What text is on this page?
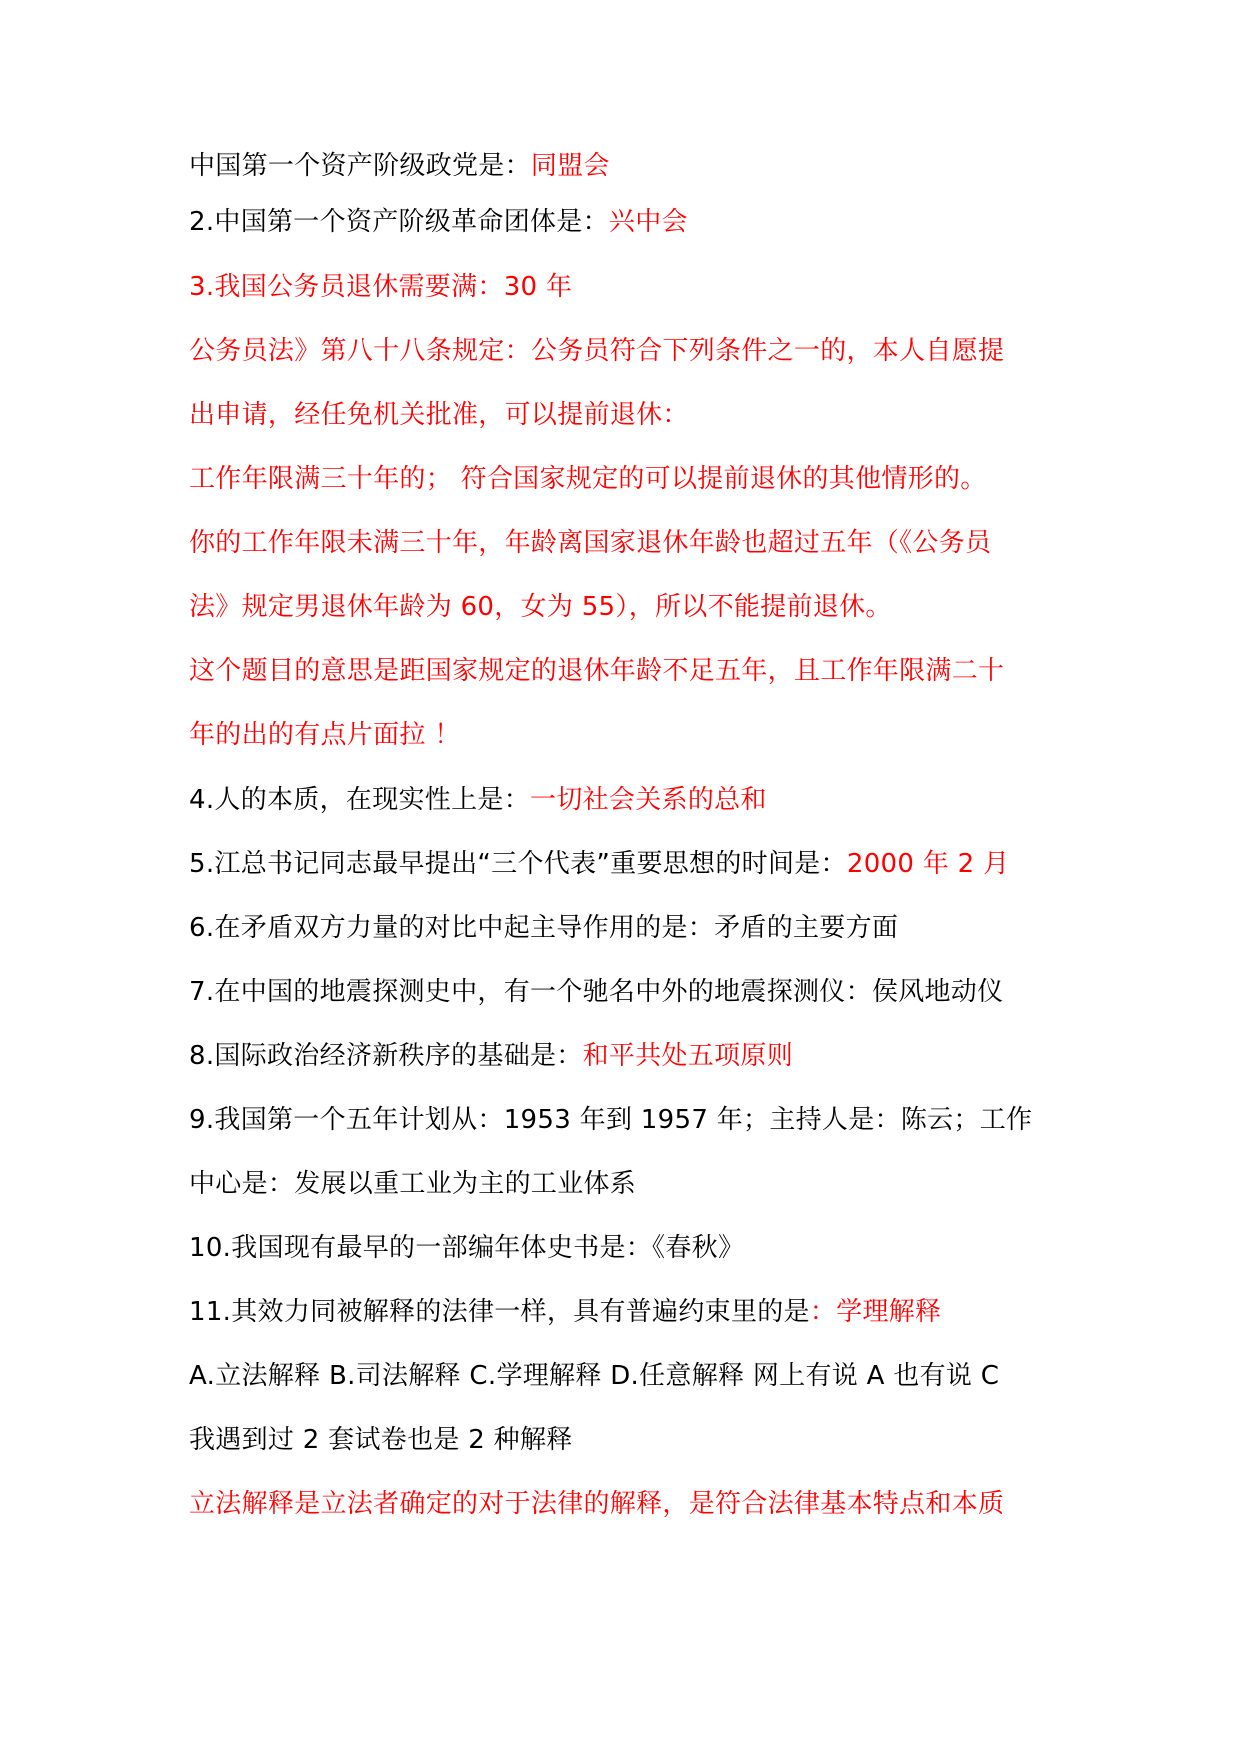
中国第一个资产阶级政党是：同盟会
2.中国第一个资产阶级革命团体是：兴中会
3.我国公务员退休需要满：30 年
公务员法》第八十八条规定：公务员符合下列条件之一的，本人自愿提
出申请，经任免机关批准，可以提前退休：
工作年限满三十年的； 符合国家规定的可以提前退休的其他情形的。
你的工作年限未满三十年，年龄离国家退休年龄也超过五年（《公务员
法》规定男退休年龄为 60，女为 55），所以不能提前退休。
这个题目的意思是距国家规定的退休年龄不足五年，且工作年限满二十
年的出的有点片面拉 ！
4.人的本质，在现实性上是：一切社会关系的总和
5.江总书记同志最早提出“三个代表”重要思想的时间是：2000 年 2 月
6.在矛盾双方力量的对比中起主导作用的是：矛盾的主要方面
7.在中国的地震探测史中，有一个驰名中外的地震探测仪：侯风地动仪
8.国际政治经济新秩序的基础是：和平共处五项原则
9.我国第一个五年计划从：1953 年到 1957 年；主持人是：陈云；工作
中心是：发展以重工业为主的工业体系
10.我国现有最早的一部编年体史书是：《春秋》
11.其效力同被解释的法律一样，具有普遍约束里的是：学理解释
A.立法解释 B.司法解释 C.学理解释 D.任意解释 网上有说 A 也有说 C
我遇到过 2 套试卷也是 2 种解释
立法解释是立法者确定的对于法律的解释，是符合法律基本特点和本质
